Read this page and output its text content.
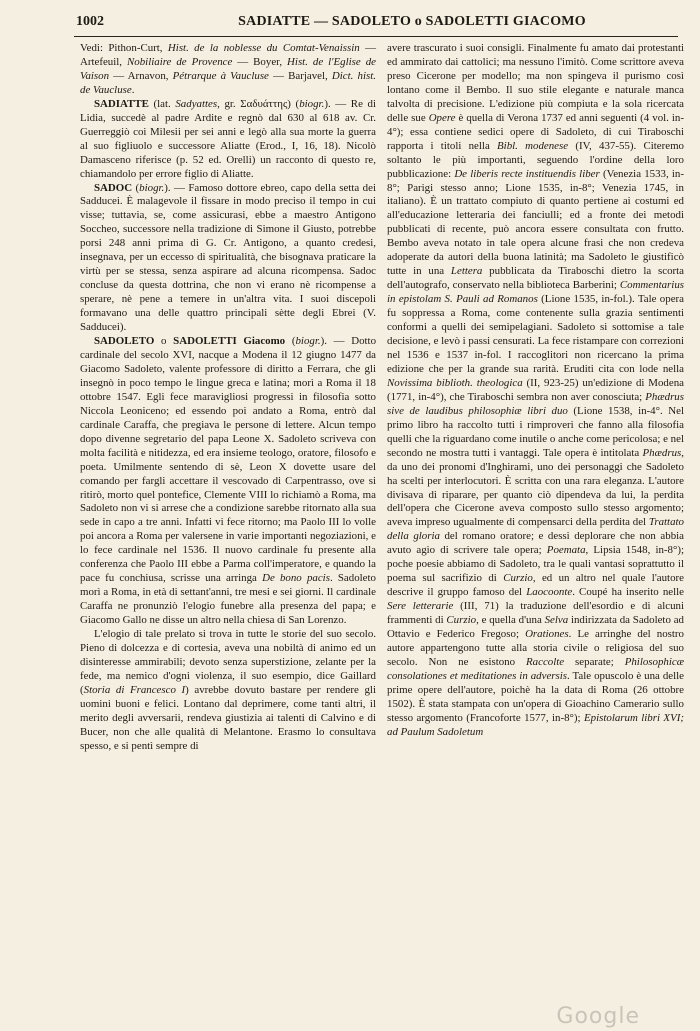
1002	SADIATTE — SADOLETO o SADOLETTI GIACOMO

Vedi: Pithon-Curt, Hist. de la noblesse du Comtat-Venaissin — Artefeuil, Nobiliaire de Provence — Boyer, Hist. de l'Eglise de Vaison — Arnavon, Pétrarque à Vaucluse — Barjavel, Dict. hist. de Vaucluse.

SADIATTE (lat. Sadyattes, gr. Σαδυάττης) (biogr.). — Re di Lidia, succedè al padre Ardite e regnò dal 630 al 618 av. Cr. Guerreggiò coi Milesii per sei anni e legò alla sua morte la guerra al suo figliuolo e successore Aliatte (Erod., I, 16, 18). Nicolò Damasceno riferisce (p. 52 ed. Orelli) un racconto di questo re, chiamandolo per errore figlio di Aliatte.

SADOC (biogr.). — Famoso dottore ebreo, capo della setta dei Sadducei. È malagevole il fissare in modo preciso il tempo in cui visse; tuttavia, se, come assicurasi, ebbe a maestro Antigono Soccheo, successore nella tradizione di Simone il Giusto, potrebbe porsi 248 anni prima di G. Cr. Antigono, a quanto credesi, insegnava, per un eccesso di spiritualità, che bisognava praticare la virtù per se stessa, senza aspirare ad alcuna ricompensa. Sadoc concluse da questa dottrina, che non vi erano nè ricompense a sperare, nè pene a temere in un'altra vita. I suoi discepoli formavano una delle quattro principali sètte degli Ebrei (V. Sadducei).

SADOLETO o SADOLETTI Giacomo (biogr.). — Dotto cardinale del secolo XVI, nacque a Modena il 12 giugno 1477 da Giacomo Sadoleto, valente professore di diritto a Ferrara, che gli insegnò in poco tempo le lingue greca e latina; morì a Roma il 18 ottobre 1547. Egli fece maravigliosi progressi in filosofia sotto Niccola Leoniceno; ed essendo poi andato a Roma, entrò dal cardinale Caraffa, che pregiava le persone di lettere. Alcun tempo dopo divenne segretario del papa Leone X. Sadoleto scriveva con molta facilità e nitidezza, ed era insieme teologo, oratore, filosofo e poeta. Umilmente sentendo di sè, Leon X dovette usare del comando per fargli accettare il vescovado di Carpentrasso, ove si ritirò, morto quel pontefice, Clemente VIII lo richiamò a Roma, ma Sadoleto non vi si arrese che a condizione sarebbe ritornato alla sua sede in capo a tre anni. Infatti vi fece ritorno; ma Paolo III lo volle poi ancora a Roma per valersene in varie importanti negoziazioni, e lo fece cardinale nel 1536. Il nuovo cardinale fu presente alla conferenza che Paolo III ebbe a Parma coll'imperatore, e quando la pace fu conchiusa, scrisse una arringa De bono pacis. Sadoleto morì a Roma, in età di settant'anni, tre mesi e sei giorni. Il cardinale Caraffa ne pronunziò l'elogio funebre alla presenza del papa; e Giacomo Gallo ne disse un altro nella chiesa di San Lorenzo.

L'elogio di tale prelato si trova in tutte le storie del suo secolo. Pieno di dolcezza e di cortesia, aveva una nobiltà di animo ed un disinteresse ammirabili; devoto senza superstizione, zelante per la fede, ma nemico d'ogni violenza, il suo esempio, dice Gaillard (Storia di Francesco I) avrebbe dovuto bastare per rendere gli uomini buoni e felici. Lontano dal deprimere, come tanti altri, il merito degli avversarii, rendeva giustizia ai talenti di Calvino e di Bucer, non che alle qualità di Melantone. Erasmo lo consultava spesso, e si pentì sempre di

avere trascurato i suoi consigli. Finalmente fu amato dai protestanti ed ammirato dai cattolici; ma nessuno l'imitò. Come scrittore aveva preso Cicerone per modello; ma non spingeva il purismo così lontano come il Bembo. Il suo stile elegante e naturale manca talvolta di precisione. L'edizione più compiuta e la sola ricercata delle sue Opere è quella di Verona 1737 ed anni seguenti (4 vol. in-4°); essa contiene sedici opere di Sadoleto, di cui Tiraboschi rapporta i titoli nella Bibl. modenese (IV, 437-55). Citeremo soltanto le più importanti, seguendo l'ordine della loro pubblicazione: De liberis recte instituendis liber (Venezia 1533, in-8°; Parigi stesso anno; Lione 1535, in-8°; Venezia 1745, in italiano). È un trattato compiuto di quanto pertiene ai costumi ed all'educazione letteraria dei fanciulli; ed a fronte dei metodi pubblicati di recente, può ancora essere consultata con frutto. Bembo aveva notato in tale opera alcune frasi che non credeva adoperate da autori della buona latinità; ma Sadoleto le giustificò tutte in una Lettera pubblicata da Tiraboschi dietro la scorta dell'autografo, conservato nella biblioteca Barberini; Commentarius in epistolam S. Pauli ad Romanos (Lione 1535, in-fol.). Tale opera fu soppressa a Roma, come contenente sulla grazia sentimenti conformi a quelli dei semipelagiani. Sadoleto si sottomise a tale decisione, e levò i passi censurati. La fece ristampare con correzioni nel 1536 e 1537 in-fol. I raccoglitori non ricercano la prima edizione che per la grande sua rarità. Eruditi cita con lode nella Novissima biblioth. theologica (II, 923-25) un'edizione di Modena (1771, in-4°), che Tiraboschi sembra non aver conosciuta; Phædrus sive de laudibus philosophiæ libri duo (Lione 1538, in-4°. Nel primo libro ha raccolto tutti i rimproveri che fanno alla filosofia quelli che la riguardano come inutile o anche come pericolosa; e nel secondo ne mostra tutti i vantaggi. Tale opera è intitolata Phædrus, da uno dei pronomi d'Inghirami, uno dei personaggi che Sadoleto ha scelti per interlocutori. È scritta con una rara eleganza. L'autore divisava di riparare, per quanto ciò dipendeva da lui, la perdita dell'opera che Cicerone aveva composto sullo stesso argomento; aveva impreso ugualmente di compensarci della perdita del Trattato della gloria del romano oratore; e dessi deplorare che non abbia avuto agio di scrivere tale opera; Poemata, Lipsia 1548, in-8°); poche poesie abbiamo di Sadoleto, tra le quali vantasi soprattutto il poema sul sacrifizio di Curzio, ed un altro nel quale l'autore descrive il gruppo famoso del Laocoonte. Coupé ha inserito nelle Sere letterarie (III, 71) la traduzione dell'esordio e di alcuni frammenti di Curzio, e quella d'una Selva indirizzata da Sadoleto ad Ottavio e Federico Fregoso; Orationes. Le arringhe del nostro autore appartengono tutte alla storia civile o religiosa del suo secolo. Non ne esistono Raccolte separate; Philosophicæ consolationes et meditationes in adversis. Tale opuscolo è una delle prime opere dell'autore, poichè ha la data di Roma (26 ottobre 1502). È stata stampata con un'opera di Gioachino Camerario sullo stesso argomento (Francoforte 1577, in-8°); Epistolarum libri XVI; ad Paulum Sadoletum

Google
